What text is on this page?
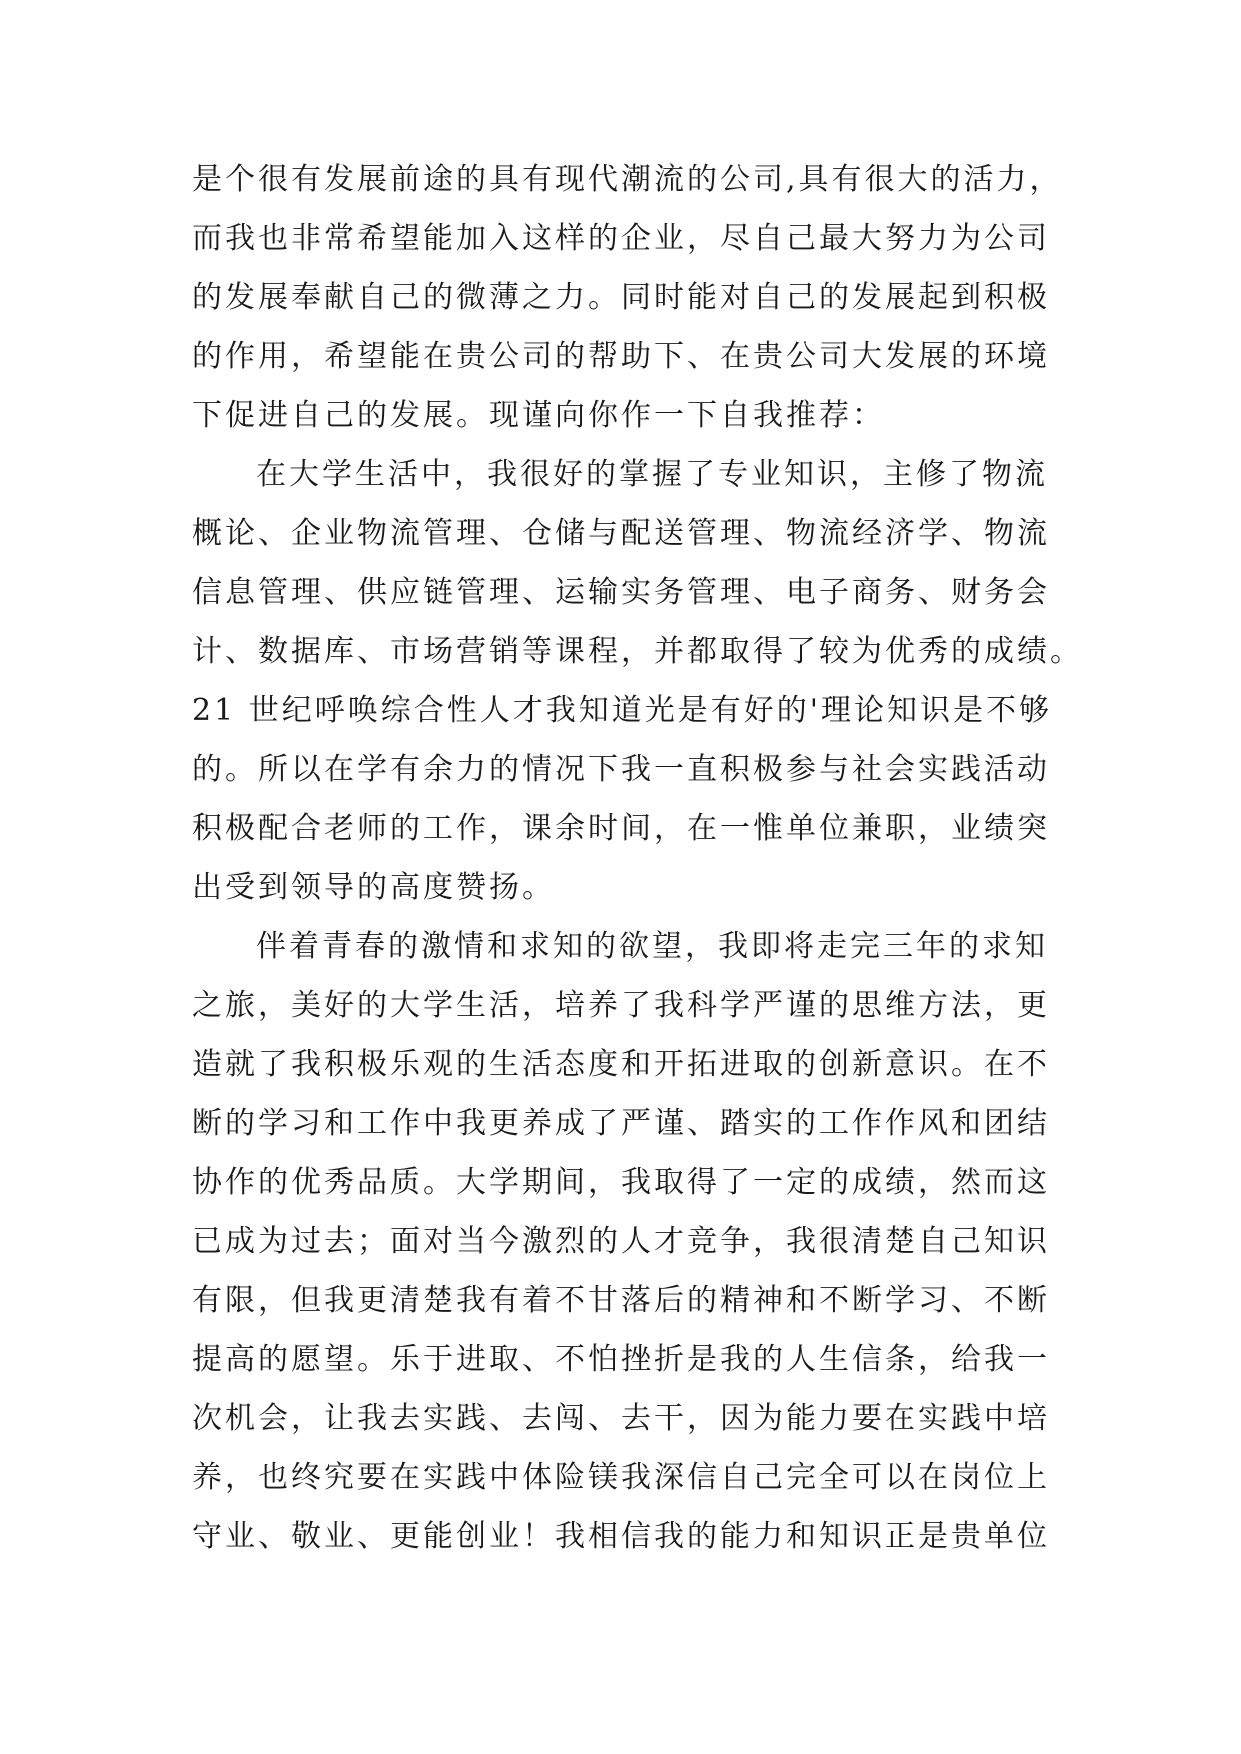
是个很有发展前途的具有现代潮流的公司,具有很大的活力，
而我也非常希望能加入这样的企业，尽自己最大努力为公司
的发展奉献自己的微薄之力。同时能对自己的发展起到积极
的作用，希望能在贵公司的帮助下、在贵公司大发展的环境
下促进自己的发展。现谨向你作一下自我推荐：
在大学生活中，我很好的掌握了专业知识，主修了物流
概论、企业物流管理、仓储与配送管理、物流经济学、物流
信息管理、供应链管理、运输实务管理、电子商务、财务会
计、数据库、市场营销等课程，并都取得了较为优秀的成绩。
21 世纪呼唤综合性人才我知道光是有好的'理论知识是不够
的。所以在学有余力的情况下我一直积极参与社会实践活动
积极配合老师的工作，课余时间，在一惟单位兼职，业绩突
出受到领导的高度赞扬。
伴着青春的激情和求知的欲望，我即将走完三年的求知
之旅，美好的大学生活，培养了我科学严谨的思维方法，更
造就了我积极乐观的生活态度和开拓进取的创新意识。在不
断的学习和工作中我更养成了严谨、踏实的工作作风和团结
协作的优秀品质。大学期间，我取得了一定的成绩，然而这
已成为过去；面对当今激烈的人才竞争，我很清楚自己知识
有限，但我更清楚我有着不甘落后的精神和不断学习、不断
提高的愿望。乐于进取、不怕挫折是我的人生信条，给我一
次机会，让我去实践、去闯、去干，因为能力要在实践中培
养，也终究要在实践中体险镁我深信自己完全可以在岗位上
守业、敬业、更能创业！我相信我的能力和知识正是贵单位
